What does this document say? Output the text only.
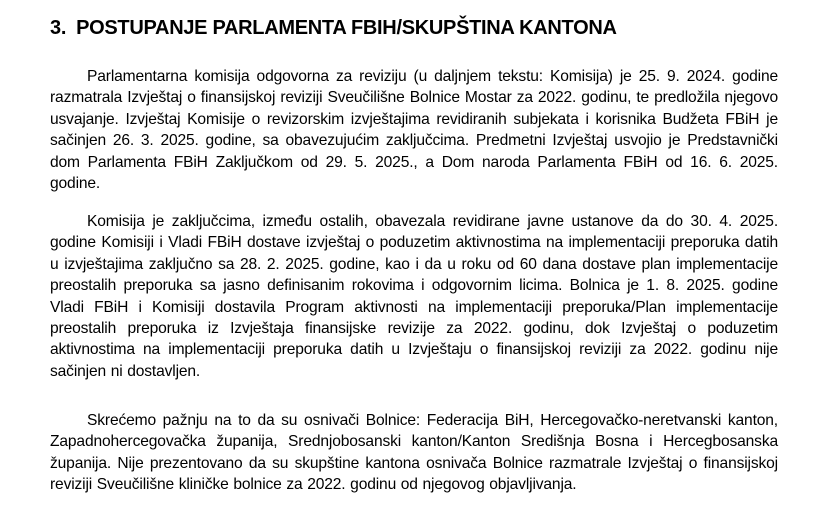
3. POSTUPANJE PARLAMENTA FBIH/SKUPŠTINA KANTONA

Parlamentarna komisija odgovorna za reviziju (u daljnjem tekstu: Komisija) je 25. 9. 2024. godine razmatrala Izvještaj o finansijskoj reviziji Sveučilišne Bolnice Mostar za 2022. godinu, te predložila njegovo usvajanje. Izvještaj Komisije o revizorskim izvještajima revidiranih subjekata i korisnika Budžeta FBiH je sačinjen 26. 3. 2025. godine, sa obavezujućim zaključcima. Predmetni Izvještaj usvojio je Predstavnički dom Parlamenta FBiH Zaključkom od 29. 5. 2025., a Dom naroda Parlamenta FBiH od 16. 6. 2025. godine.

Komisija je zaključcima, između ostalih, obavezala revidirane javne ustanove da do 30. 4. 2025. godine Komisiji i Vladi FBiH dostave izvještaj o poduzetim aktivnostima na implementaciji preporuka datih u izvještajima zaključno sa 28. 2. 2025. godine, kao i da u roku od 60 dana dostave plan implementacije preostalih preporuka sa jasno definisanim rokovima i odgovornim licima. Bolnica je 1. 8. 2025. godine Vladi FBiH i Komisiji dostavila Program aktivnosti na implementaciji preporuka/Plan implementacije preostalih preporuka iz Izvještaja finansijske revizije za 2022. godinu, dok Izvještaj o poduzetim aktivnostima na implementaciji preporuka datih u Izvještaju o finansijskoj reviziji za 2022. godinu nije sačinjen ni dostavljen.

Skrećemo pažnju na to da su osnivači Bolnice: Federacija BiH, Hercegovačko-neretvanski kanton, Zapadnohercegovačka županija, Srednjobosanski kanton/Kanton Središnja Bosna i Hercegbosanska županija. Nije prezentovano da su skupštine kantona osnivača Bolnice razmatrale Izvještaj o finansijskoj reviziji Sveučilišne kliničke bolnice za 2022. godinu od njegovog objavljivanja.
